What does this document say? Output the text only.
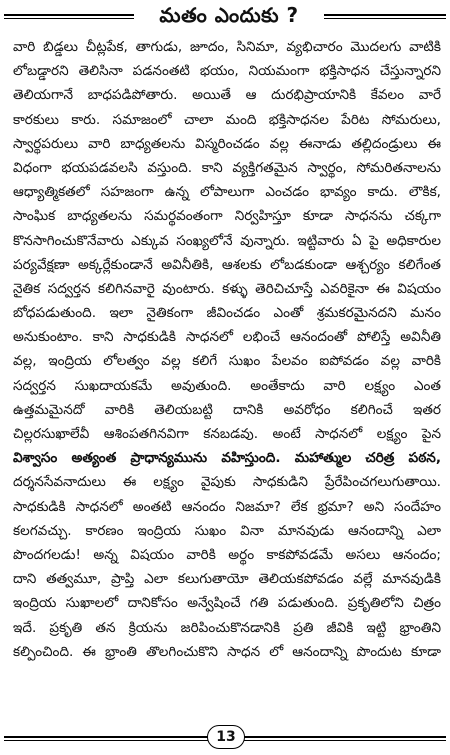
మతం ఎందుకు ?
వారి బిడ్డలు చీట్లపేక, తాగుడు, జూదం, సినిమా, వ్యభిచారం మొదలగు వాటికి
లోబడ్డారని తెలిసినా పడనంతటి భయం, నియమంగా భక్తిసాధన చేస్తున్నారని
తెలియగానే బాధపడిపోతారు. అయితే ఆ దురభిప్రాయానికి కేవలం వారే
కారకులు కారు. సమాజంలో చాలా మంది భక్తిసాధనల పేరిట సోమరులు,
స్వార్థపరులు వారి బాధ్యతలను విస్మరించడం వల్ల ఈనాడు తల్లిదండ్రులు ఈ
విధంగా భయపడవలసి వస్తుంది. కాని వ్యక్తిగతమైన స్వార్థం, సోమరితనాలను
ఆధ్యాత్మికతలో సహజంగా ఉన్న లోపాలుగా ఎంచడం భావ్యం కాదు. లౌకిక,
సాంఘిక బాధ్యతలను సమర్థవంతంగా నిర్వహిస్తూ కూడా సాధనను చక్కగా
కొనసాగించుకొనేవారు ఎక్కువ సంఖ్యలోనే వున్నారు. ఇట్టివారు ఏ పై అధికారుల
పర్యవేక్షణా అక్కర్లేకుండానే అవినీతికి, ఆశలకు లోబడకుండా ఆశ్చర్యం కలిగేంత
నైతిక సద్వర్తన కలిగినవారై వుంటారు. కళ్ళు తెరిచిచూస్తే ఎవరికైనా ఈ విషయం
బోధపడుతుంది. ఇలా నైతికంగా జీవించడం ఎంతో శ్రమకరమైనదని మనం
అనుకుంటాం. కాని సాధకుడికి సాధనలో లభించే ఆనందంతో పోలిస్తే అవినీతి
వల్ల, ఇంద్రియ లోలత్వం వల్ల కలిగే సుఖం పేలవం ఐపోవడం వల్ల వారికి
సద్వర్తన సుఖదాయకమే అవుతుంది. అంతేకాదు వారి లక్ష్యం ఎంత
ఉత్తమమైనదో వారికి తెలియబట్టి దానికి అవరోధం కలిగించే ఇతర
చిల్లరసుఖాలేవీ ఆశింపతగినవిగా కనబడవు. అంటే సాధనలో లక్ష్యం పైన
విశ్వాసం అత్యంత ప్రాధాన్యమును వహిస్తుంది. మహాత్ముల చరిత్ర పఠన,
దర్శనసేవనాదులు ఈ లక్ష్యం వైపుకు సాధకుడిని ప్రేరేపించగలుగుతాయి.
సాధకుడికి సాధనలో అంతటి ఆనందం నిజమా? లేక భ్రమా? అని సందేహం
కలగవచ్చు. కారణం ఇంద్రియ సుఖం వినా మానవుడు ఆనందాన్ని ఎలా
పొందగలడు! అన్న విషయం వారికి అర్థం కాకపోవడమే అసలు ఆనందం;
దాని తత్వమూ, ప్రాప్తి ఎలా కలుగుతాయో తెలియకపోవడం వల్లే మానవుడికి
ఇంద్రియ సుఖాలలో దానికోసం అన్వేషించే గతి పడుతుంది. ప్రకృతిలోని చిత్రం
ఇదే. ప్రకృతి తన క్రియను జరిపించుకొనడానికి ప్రతి జీవికి ఇట్టి భ్రాంతిని
కల్పించింది. ఈ భ్రాంతి తొలగించుకొని సాధన లో ఆనందాన్ని పొందుట కూడా
13
